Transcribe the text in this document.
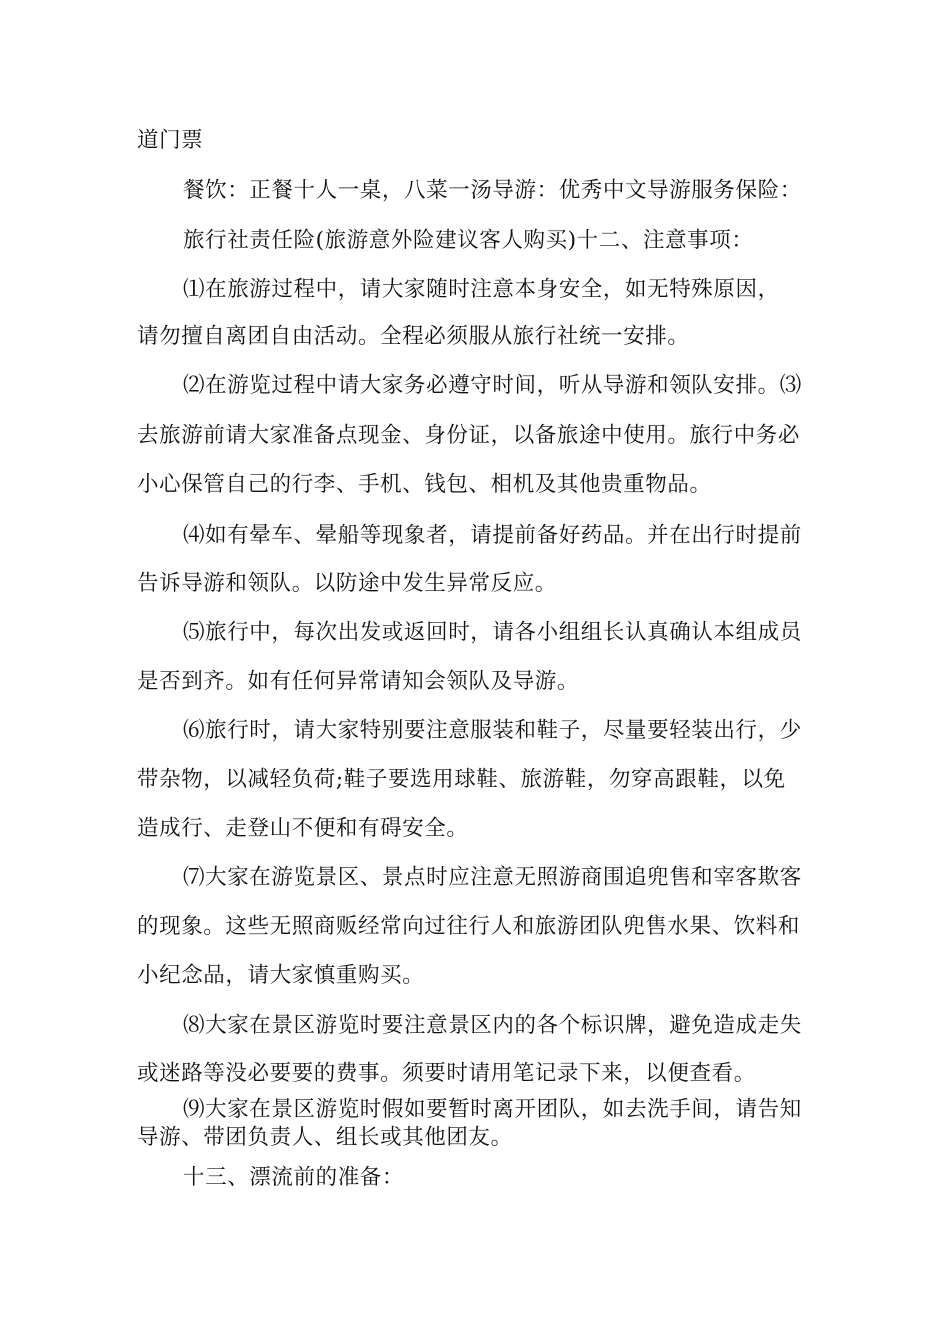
道门票

餐饮：正餐十人一桌，八菜一汤导游：优秀中文导游服务保险：

旅行社责任险(旅游意外险建议客人购买)十二、注意事项：

⑴在旅游过程中，请大家随时注意本身安全，如无特殊原因，

请勿擅自离团自由活动。全程必须服从旅行社统一安排。

⑵在游览过程中请大家务必遵守时间，听从导游和领队安排。⑶

去旅游前请大家准备点现金、身份证，以备旅途中使用。旅行中务必

小心保管自己的行李、手机、钱包、相机及其他贵重物品。

⑷如有晕车、晕船等现象者，请提前备好药品。并在出行时提前

告诉导游和领队。以防途中发生异常反应。

⑸旅行中，每次出发或返回时，请各小组组长认真确认本组成员

是否到齐。如有任何异常请知会领队及导游。

⑹旅行时，请大家特别要注意服装和鞋子，尽量要轻装出行，少

带杂物，以减轻负荷;鞋子要选用球鞋、旅游鞋，勿穿高跟鞋，以免

造成行、走登山不便和有碍安全。

⑺大家在游览景区、景点时应注意无照游商围追兜售和宰客欺客

的现象。这些无照商贩经常向过往行人和旅游团队兜售水果、饮料和

小纪念品，请大家慎重购买。

⑻大家在景区游览时要注意景区内的各个标识牌，避免造成走失

或迷路等没必要要的费事。须要时请用笔记录下来，以便查看。

⑼大家在景区游览时假如要暂时离开团队，如去洗手间，请告知

导游、带团负责人、组长或其他团友。

十三、漂流前的准备：
